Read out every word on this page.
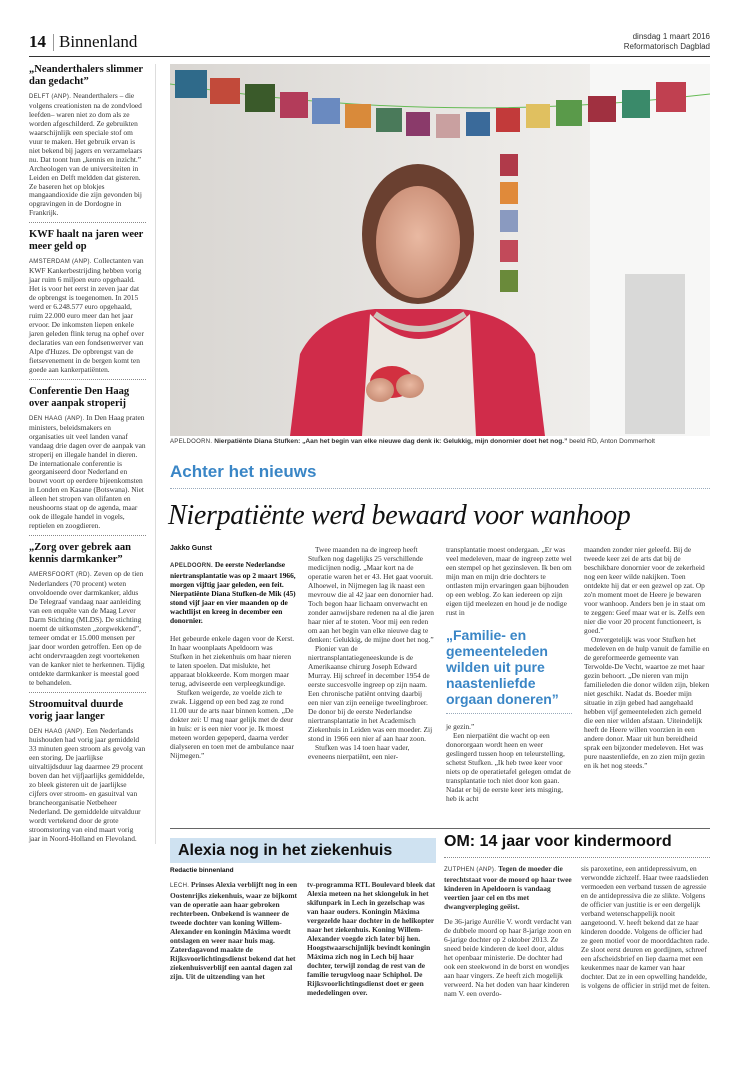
14 Binnenland	dinsdag 1 maart 2016
Reformatorisch Dagblad
„Neanderthalers slimmer dan gedacht”

DELFT (ANP). Neanderthalers – die volgens creationisten na de zondvloed leefden– waren niet zo dom als ze worden afgeschilderd. Ze gebruikten waarschijnlijk een speciale stof om vuur te maken. Het gebruik ervan is niet bekend bij jagers en verzamelaars nu. Dat toont hun „kennis en inzicht.” Archeologen van de universiteiten in Leiden en Delft meldden dat gisteren. Ze baseren het op blokjes mangaandioxide die zijn gevonden bij opgravingen in de Dordogne in Frankrijk.

KWF haalt na jaren weer meer geld op

AMSTERDAM (ANP). Collectanten van KWF Kankerbestrijding hebben vorig jaar ruim 6 miljoen euro opgehaald. Het is voor het eerst in zeven jaar dat de opbrengst is toegenomen. In 2015 werd er 6.248.577 euro opgehaald, ruim 22.000 euro meer dan het jaar ervoor. De inkomsten liepen enkele jaren geleden flink terug na ophef over declaraties van een fondsenwerver van Alpe d'Huzes. De opbrengst van de fietsevenement in de bergen komt ten goede aan kankerpatiënten.

Conferentie Den Haag over aanpak stroperij

DEN HAAG (ANP). In Den Haag praten ministers, beleidsmakers en organisaties uit veel landen vanaf vandaag drie dagen over de aanpak van stroperij en illegale handel in dieren. De internationale conferentie is georganiseerd door Nederland en bouwt voort op eerdere bijeenkomsten in Londen en Kasane (Botswana). Niet alleen het stropen van olifanten en neushoorns staat op de agenda, maar ook de illegale handel in vogels, reptielen en zoogdieren.

„Zorg over gebrek aan kennis darmkanker”

AMERSFOORT (RD). Zeven op de tien Nederlanders (70 procent) weten onvoldoende over darmkanker, aldus De Telegraaf vandaag naar aanleiding van een enquête van de Maag Lever Darm Stichting (MLDS). De stichting noemt de uitkomsten „zorgwekkend”, temeer omdat er 15.000 mensen per jaar door worden getroffen. Een op de acht ondervraagden zegt voortekenen van de kanker niet te herkennen. Tijdig ontdekte darmkanker is meestal goed te behandelen.

Stroomuitval duurde vorig jaar langer

DEN HAAG (ANP). Een Nederlands huishouden had vorig jaar gemiddeld 33 minuten geen stroom als gevolg van een storing. De jaarlijkse uitvaltijdsduur lag daarmee 29 procent boven dan het vijfjaarlijks gemiddelde, zo bleek gisteren uit de jaarlijkse cijfers over stroom- en gasuitval van brancheorganisatie Netbeheer Nederland. De gemiddelde uitvalduur wordt vertekend door de grote stroomstoring van eind maart vorig jaar in Noord-Holland en Flevoland.

APELDOORN. Nierpatiënte Diana Stufken: „Aan het begin van elke nieuwe dag denk ik: Gelukkig, mijn donornier doet het nog.” beeld RD, Anton Dommerholt
Achter het nieuws
Nierpatiënte werd bewaard voor wanhoop
Jakko Gunst

APELDOORN. De eerste Nederlandse niertransplantatie was op 2 maart 1966, morgen vijftig jaar geleden, een feit. Nierpatiënte Diana Stufken-de Mik (45) stond vijf jaar en vier maanden op de wachtlijst en kreeg in december een donornier.

Het gebeurde enkele dagen voor de Kerst. In haar woonplaats Apeldoorn was Stufken in het ziekenhuis om haar nieren te laten spoelen. Dat mislukte, het apparaat blokkeerde. Kom morgen maar terug, adviseerde een verpleegkundige.

Stufken weigerde, ze voelde zich te zwak. Liggend op een bed zag ze rond 11.00 uur de arts naar binnen komen. „De dokter zei: U mag naar gelijk met de deur in huis: er is een nier voor je. Ik moest meteen worden gepeperd, daarna verder dialyseren en toen met de ambulance naar Nijmegen.”

Twee maanden na de ingreep heeft Stufken nog dagelijks 25 verschillende medicijnen nodig. „Maar kort na de operatie waren het er 43. Het gaat vooruit. Alhoewel, in Nijmegen lag ik naast een mevrouw die al 42 jaar een donornier had. Toch begon haar lichaam onverwacht en zonder aanwijsbare redenen na al die jaren haar nier af te stoten. Voor mij een reden om aan het begin van elke nieuwe dag te denken: Gelukkig, de mijne doet het nog.”

Pionier van de niertransplantatiegeneeskunde is de Amerikaanse chirurg Joseph Edward Murray. Hij schreef in december 1954 de eerste succesvolle ingreep op zijn naam. Een chronische patiënt ontving daarbij een nier van zijn eeneiige tweelingbroer. De donor bij de eerste Nederlandse niertransplantatie in het Academisch Ziekenhuis in Leiden was een moeder. Zij stond in 1966 een nier af aan haar zoon.

Stufken was 14 toen haar vader, eveneens nierpatiënt, een nier-

transplantatie moest ondergaan. „Er was veel medeleven, maar de ingreep zette wel een stempel op het gezinsleven. Ik ben om mijn man en mijn drie dochters te ontlasten mijn ervaringen gaan bijhouden op een weblog. Zo kan iedereen op zijn eigen tijd meelezen en houd je de nodige rust in

„Familie- en gemeenteleden wilden uit pure naastenliefde orgaan doneren”

je gezin.”

Een nierpatiënt die wacht op een donororgaan wordt heen en weer geslingerd tussen hoop en teleurstelling, schetst Stufken. „Ik heb twee keer voor niets op de operatietafel gelegen omdat de transplantatie toch niet door kon gaan. Nadat er bij de eerste keer iets misging, heb ik acht

maanden zonder nier geleefd. Bij de tweede keer zei de arts dat bij de beschikbare donornier voor de zekerheid nog een keer wilde nakijken. Toen ontdekte hij dat er een gezwel op zat. Op zo'n moment moet de Heere je bewaren voor wanhoop. Anders ben je in staat om te zeggen: Geef maar wat er is. Zelfs een nier die voor 20 procent functioneert, is goed.”

Onvergetelijk was voor Stufken het medeleven en de hulp vanuit de familie en de gereformeerde gemeente van Terwolde-De Vecht, waartoe ze met haar gezin behoort. „De nieren van mijn familieleden die donor wilden zijn, bleken niet geschikt. Nadat ds. Boeder mijn situatie in zijn gebed had aangehaald hebben vijf gemeenteleden zich gemeld die een nier wilden afstaan. Uiteindelijk heeft de Heere willen voorzien in een andere donor. Maar uit hun bereidheid sprak een bijzonder medeleven. Het was pure naastenliefde, en zo zien mijn gezin en ik het nog steeds.”

Alexia nog in het ziekenhuis
Redactie binnenland
LECH. Prinses Alexia verblijft nog in een Oostenrijks ziekenhuis, waar ze bijkomt van de operatie aan haar gebroken rechterbeen. Onbekend is wanneer de tweede dochter van koning Willem-Alexander en koningin Máxima wordt ontslagen en weer naar huis mag. Zaterdagavond maakte de Rijksvoorlichtingsdienst bekend dat het ziekenhuisverblijf een aantal dagen zal zijn. Uit de uitzending van het
tv-programma RTL Boulevard bleek dat Alexia meteen na het skiongeluk in het skifunpark in Lech in gezelschap was van haar ouders. Koningin Máxima vergezelde haar dochter in de helikopter naar het ziekenhuis. Koning Willem-Alexander voegde zich later bij hen. Hoogstwaarschijnlijk bevindt koningin Máxima zich nog in Lech bij haar dochter, terwijl zondag de rest van de familie terugvloog naar Schiphol. De Rijksvoorlichtingsdienst doet er geen mededelingen over.
OM: 14 jaar voor kindermoord
ZUTPHEN (ANP). Tegen de moeder die terechtstaat voor de moord op haar twee kinderen in Apeldoorn is vandaag veertien jaar cel en tbs met dwangverpleging geëist.
De 36-jarige Aurélie V. wordt verdacht van de dubbele moord op haar 8-jarige zoon en 6-jarige dochter op 2 oktober 2013. Ze sneed beide kinderen de keel door, aldus het openbaar ministerie. De dochter had ook een steekwond in de borst en wondjes aan haar vingers. Ze heeft zich mogelijk verweerd. Na het doden van haar kinderen nam V. een overdo-
sis paroxetine, een antidepressivum, en verwondde zichzelf. Haar twee raadslieden vermoeden een verband tussen de agressie en de antidepressiva die ze slikte. Volgens de officier van justitie is er een dergelijk verband wetenschappelijk nooit aangetoond. V. heeft bekend dat ze haar kinderen doodde. Volgens de officier had ze geen motief voor de moorddachten rade. Ze sloot eerst deuren en gordijnen, schreef een afscheidsbrief en liep daarna met een keukenmes naar de kamer van haar dochter. Dat ze in een opwelling handelde, is volgens de officier in strijd met de feiten.
